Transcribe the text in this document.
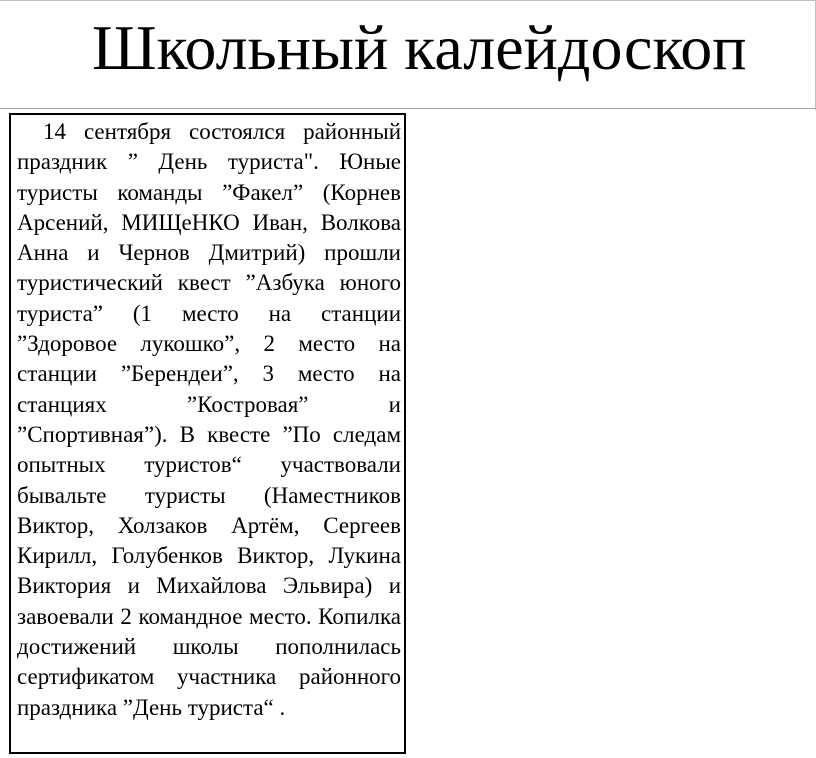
Школьный калейдоскоп

14 сентября состоялся районный праздник ” День туриста". Юные туристы команды ”Факел” (Корнев Арсений, МИЩеНКО Иван, Волкова Анна и Чернов Дмитрий) прошли туристический квест ”Азбука юного туриста” (1 место на станции ”Здоровое лукошко”, 2 место на станции ”Берендеи”, 3 место на станциях ”Костровая” и ”Спортивная”). В квесте ”По следам опытных туристов“ участвовали бывальте туристы (Наместников Виктор, Холзаков Артём, Сергеев Кирилл, Голубенков Виктор, Лукина Виктория и Михайлова Эльвира) и завоевали 2 командное место. Копилка достижений школы пополнилась сертификатом участника районного праздника ”День туриста“ .
